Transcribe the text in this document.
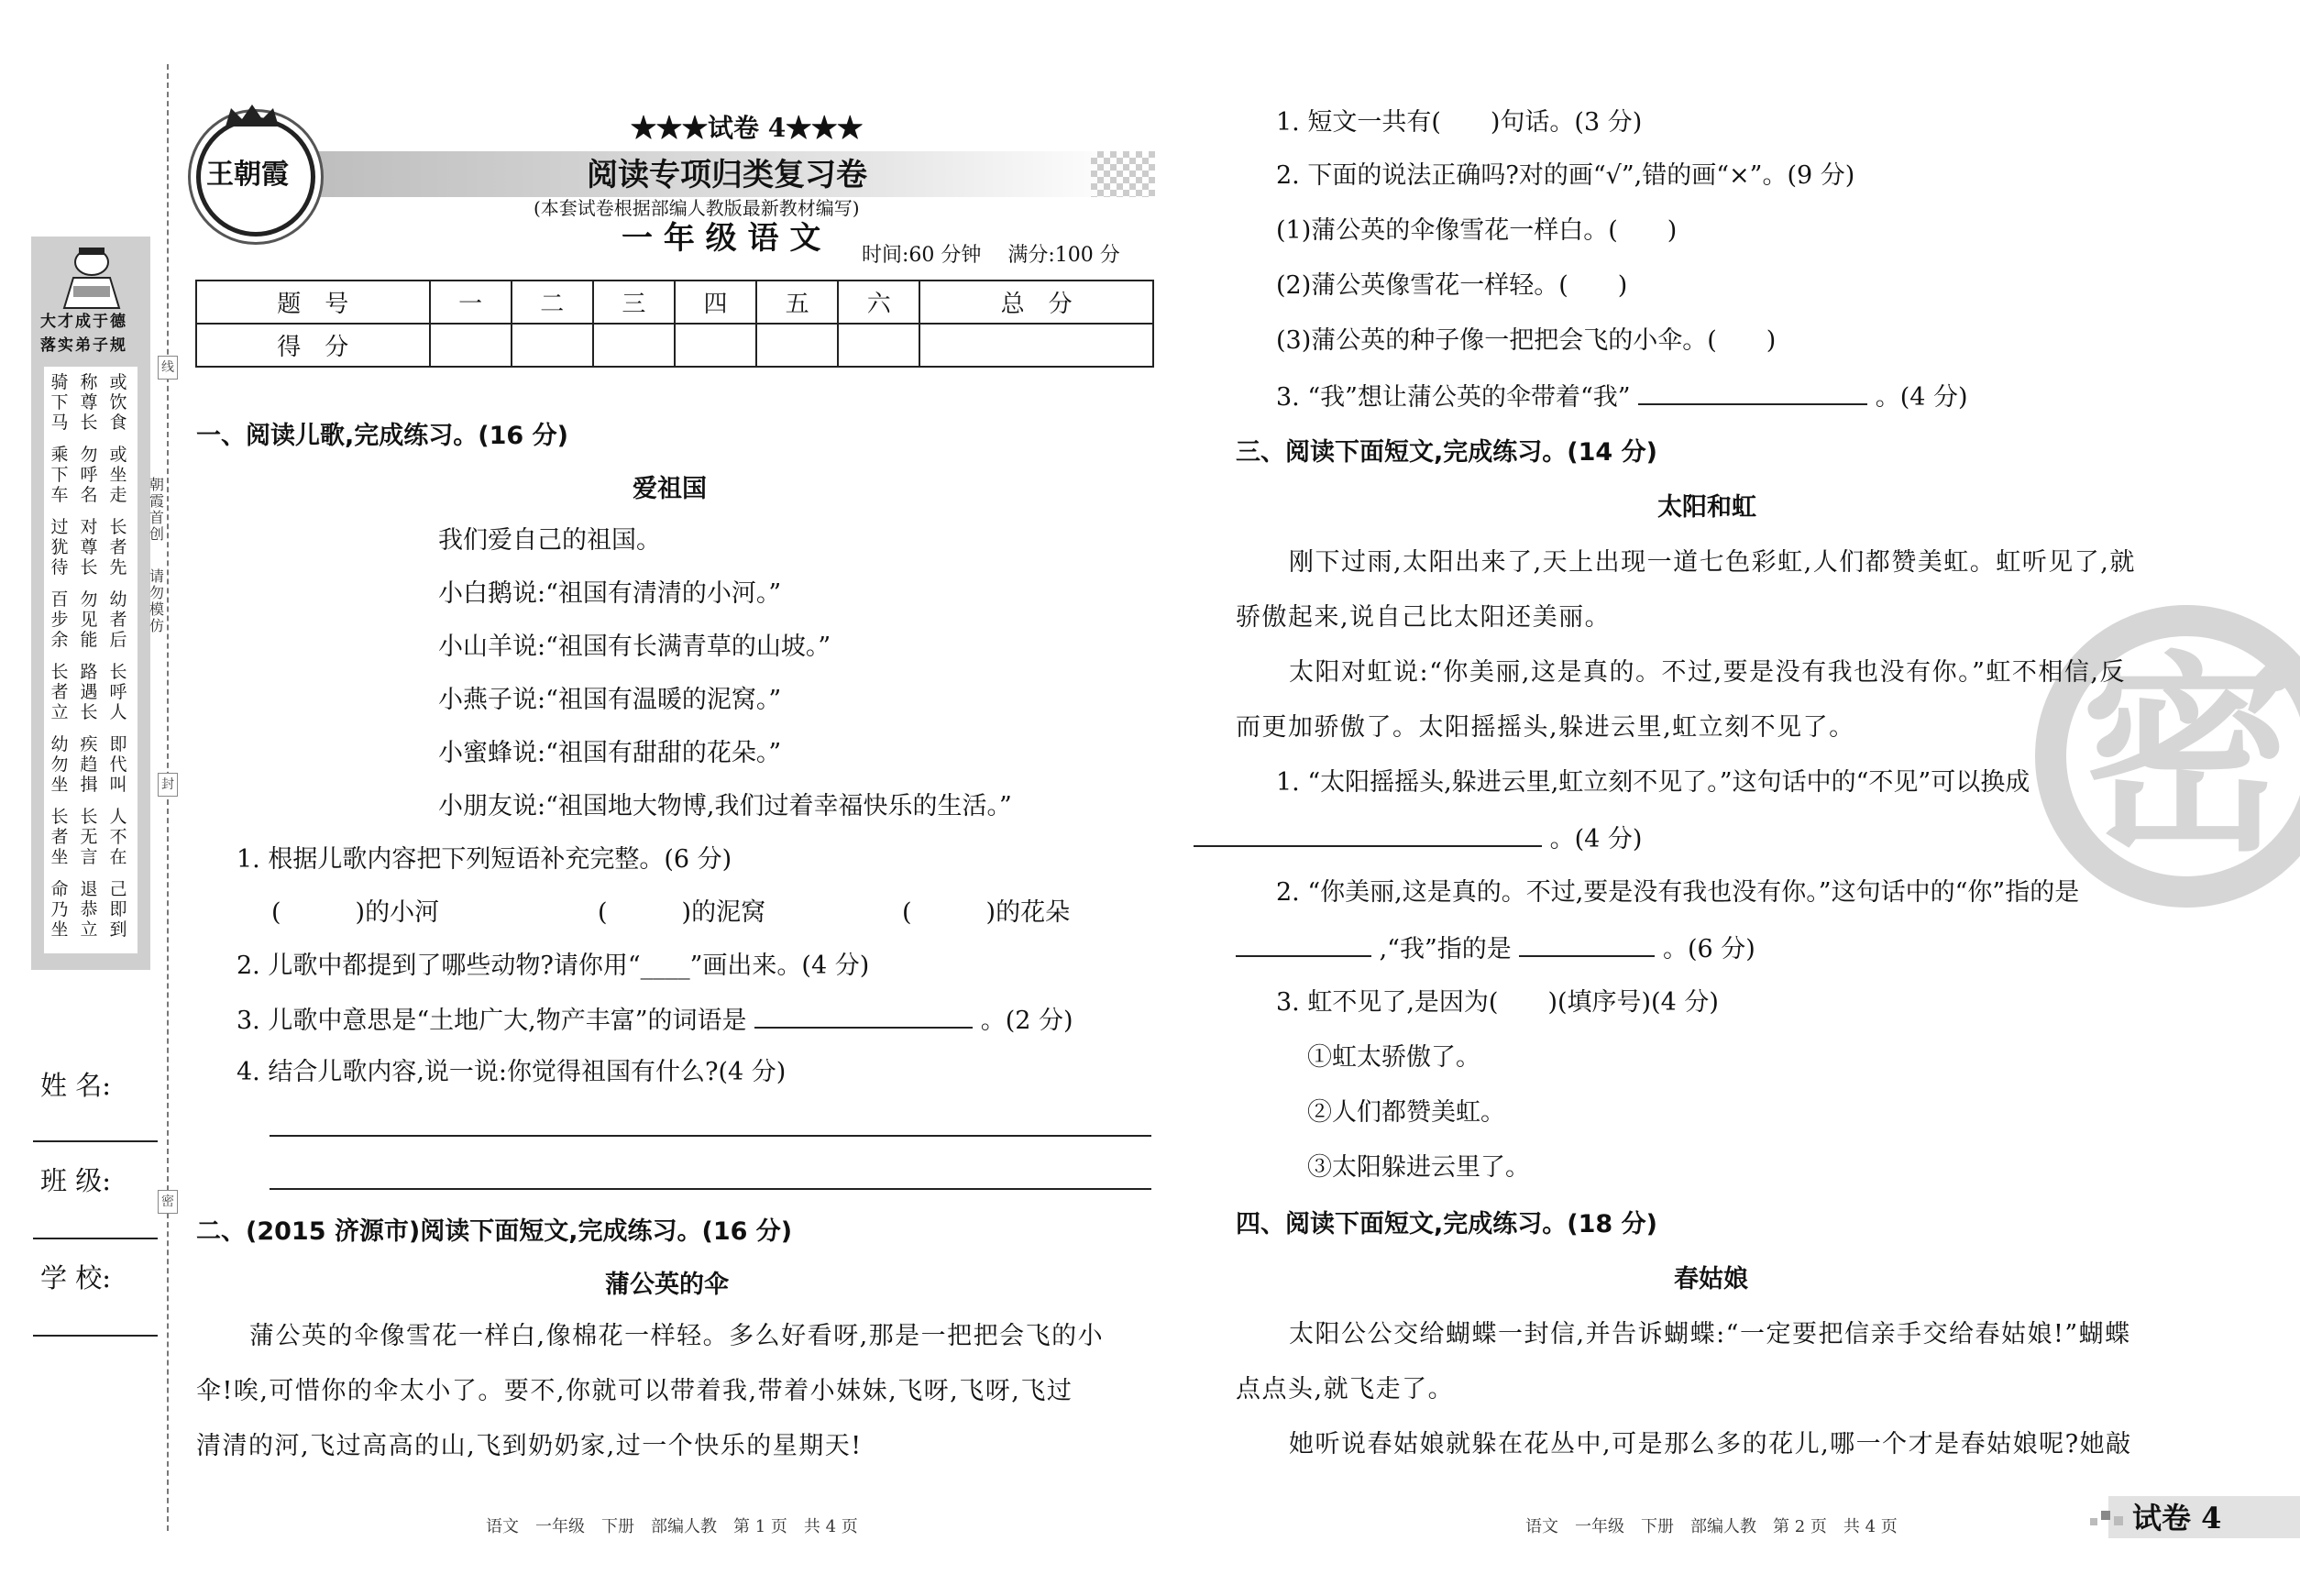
大才成于德
落实弟子规
骑下马
乘下车
过犹待
百步余
长者立
幼勿坐
长者坐
命乃坐
称尊长
勿呼名
对尊长
勿见能
路遇长
疾趋揖
长无言
退恭立
或饮食
或坐走
长者先
幼者后
长呼人
即代叫
人不在
己即到
朝霞首创
请勿模仿
线
封
密
姓 名:
班 级:
学 校:
王朝霞
★★★试卷 4★★★
阅读专项归类复习卷
(本套试卷根据部编人教版最新教材编写)
一 年 级 语 文 时间:60 分钟　 满分:100 分
题　号	一	二	三	四	五	六	总　分
得　分							
一、阅读儿歌,完成练习。(16 分)
爱祖国
我们爱自己的祖国。
小白鹅说:“祖国有清清的小河。”
小山羊说:“祖国有长满青草的山坡。”
小燕子说:“祖国有温暖的泥窝。”
小蜜蜂说:“祖国有甜甜的花朵。”
小朋友说:“祖国地大物博,我们过着幸福快乐的生活。”
1. 根据儿歌内容把下列短语补充完整。(6 分)
(　　　)的小河	(　　　)的泥窝	(　　　)的花朵
2. 儿歌中都提到了哪些动物?请你用“____”画出来。(4 分)
3. 儿歌中意思是“土地广大,物产丰富”的词语是	。(2 分)
4. 结合儿歌内容,说一说:你觉得祖国有什么?(4 分)
二、(2015 济源市)阅读下面短文,完成练习。(16 分)
蒲公英的伞
蒲公英的伞像雪花一样白,像棉花一样轻。多么好看呀,那是一把把会飞的小
伞!唉,可惜你的伞太小了。要不,你就可以带着我,带着小妹妹,飞呀,飞呀,飞过
清清的河,飞过高高的山,飞到奶奶家,过一个快乐的星期天!
语文　一年级　下册　部编人教　第 1 页　共 4 页
密
1. 短文一共有(　　)句话。(3 分)
2. 下面的说法正确吗?对的画“√”,错的画“×”。(9 分)
(1)蒲公英的伞像雪花一样白。(　　)
(2)蒲公英像雪花一样轻。(　　)
(3)蒲公英的种子像一把把会飞的小伞。(　　)
3. “我”想让蒲公英的伞带着“我”	。(4 分)
三、阅读下面短文,完成练习。(14 分)
太阳和虹
刚下过雨,太阳出来了,天上出现一道七色彩虹,人们都赞美虹。虹听见了,就
骄傲起来,说自己比太阳还美丽。
太阳对虹说:“你美丽,这是真的。不过,要是没有我也没有你。”虹不相信,反
而更加骄傲了。太阳摇摇头,躲进云里,虹立刻不见了。
1. “太阳摇摇头,躲进云里,虹立刻不见了。”这句话中的“不见”可以换成
。(4 分)
2. “你美丽,这是真的。不过,要是没有我也没有你。”这句话中的“你”指的是
,“我”指的是	。(6 分)
3. 虹不见了,是因为(　　)(填序号)(4 分)
①虹太骄傲了。
②人们都赞美虹。
③太阳躲进云里了。
四、阅读下面短文,完成练习。(18 分)
春姑娘
太阳公公交给蝴蝶一封信,并告诉蝴蝶:“一定要把信亲手交给春姑娘!”蝴蝶
点点头,就飞走了。
她听说春姑娘就躲在花丛中,可是那么多的花儿,哪一个才是春姑娘呢?她敲
语文　一年级　下册　部编人教　第 2 页　共 4 页	试卷 4
